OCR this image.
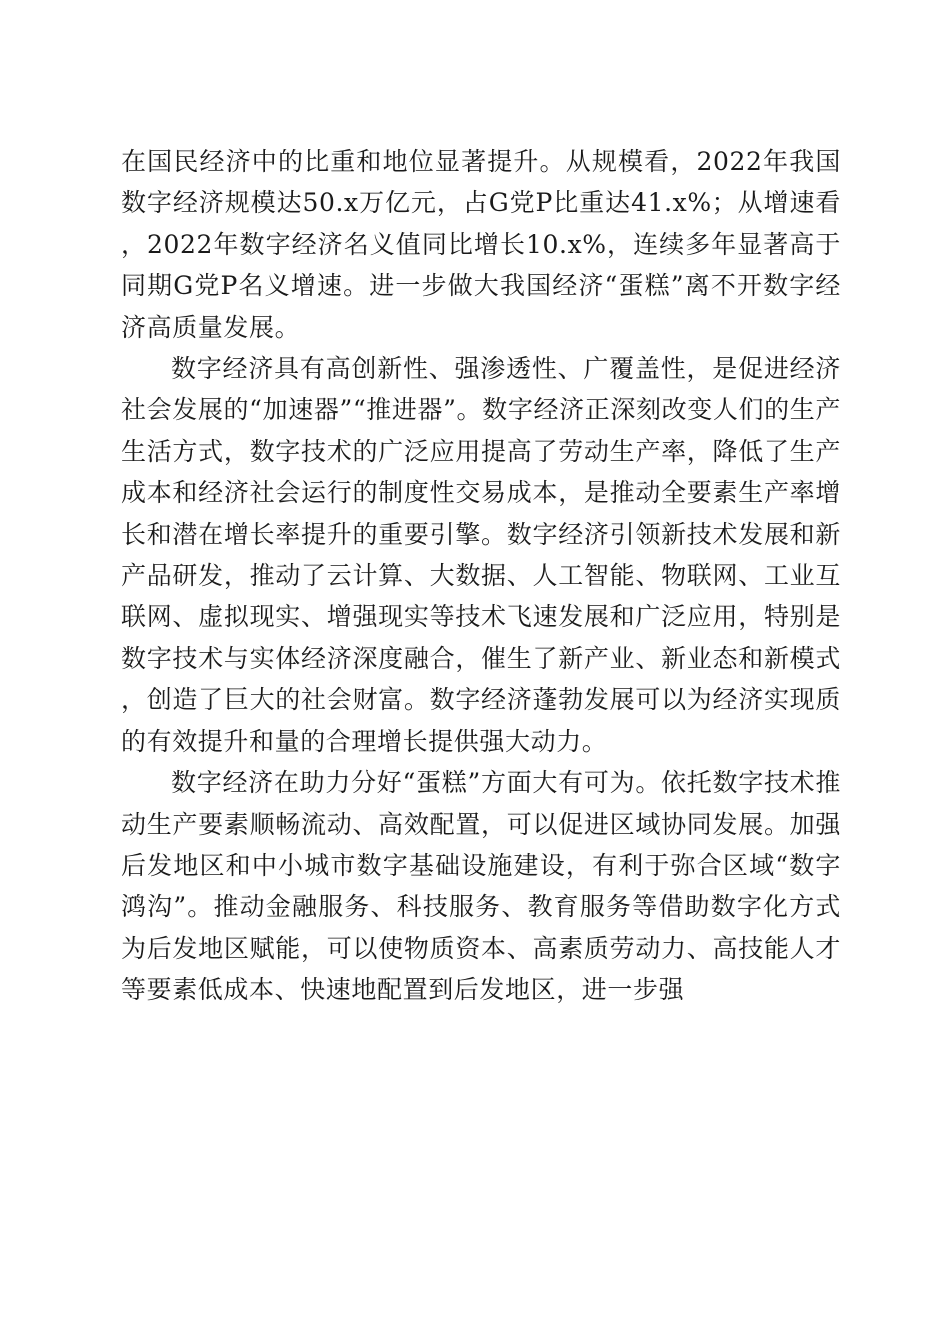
在国民经济中的比重和地位显著提升。从规模看，2022年我国数字经济规模达50.x万亿元，占G党P比重达41.x%；从增速看，2022年数字经济名义值同比增长10.x%，连续多年显著高于同期G党P名义增速。进一步做大我国经济“蛋糕”离不开数字经济高质量发展。

数字经济具有高创新性、强渗透性、广覆盖性，是促进经济社会发展的“加速器”“推进器”。数字经济正深刻改变人们的生产生活方式，数字技术的广泛应用提高了劳动生产率，降低了生产成本和经济社会运行的制度性交易成本，是推动全要素生产率增长和潜在增长率提升的重要引擎。数字经济引领新技术发展和新产品研发，推动了云计算、大数据、人工智能、物联网、工业互联网、虚拟现实、增强现实等技术飞速发展和广泛应用，特别是数字技术与实体经济深度融合，催生了新产业、新业态和新模式，创造了巨大的社会财富。数字经济蓬勃发展可以为经济实现质的有效提升和量的合理增长提供强大动力。

数字经济在助力分好“蛋糕”方面大有可为。依托数字技术推动生产要素顺畅流动、高效配置，可以促进区域协同发展。加强后发地区和中小城市数字基础设施建设，有利于弥合区域“数字鸿沟”。推动金融服务、科技服务、教育服务等借助数字化方式为后发地区赋能，可以使物质资本、高素质劳动力、高技能人才等要素低成本、快速地配置到后发地区，进一步强
